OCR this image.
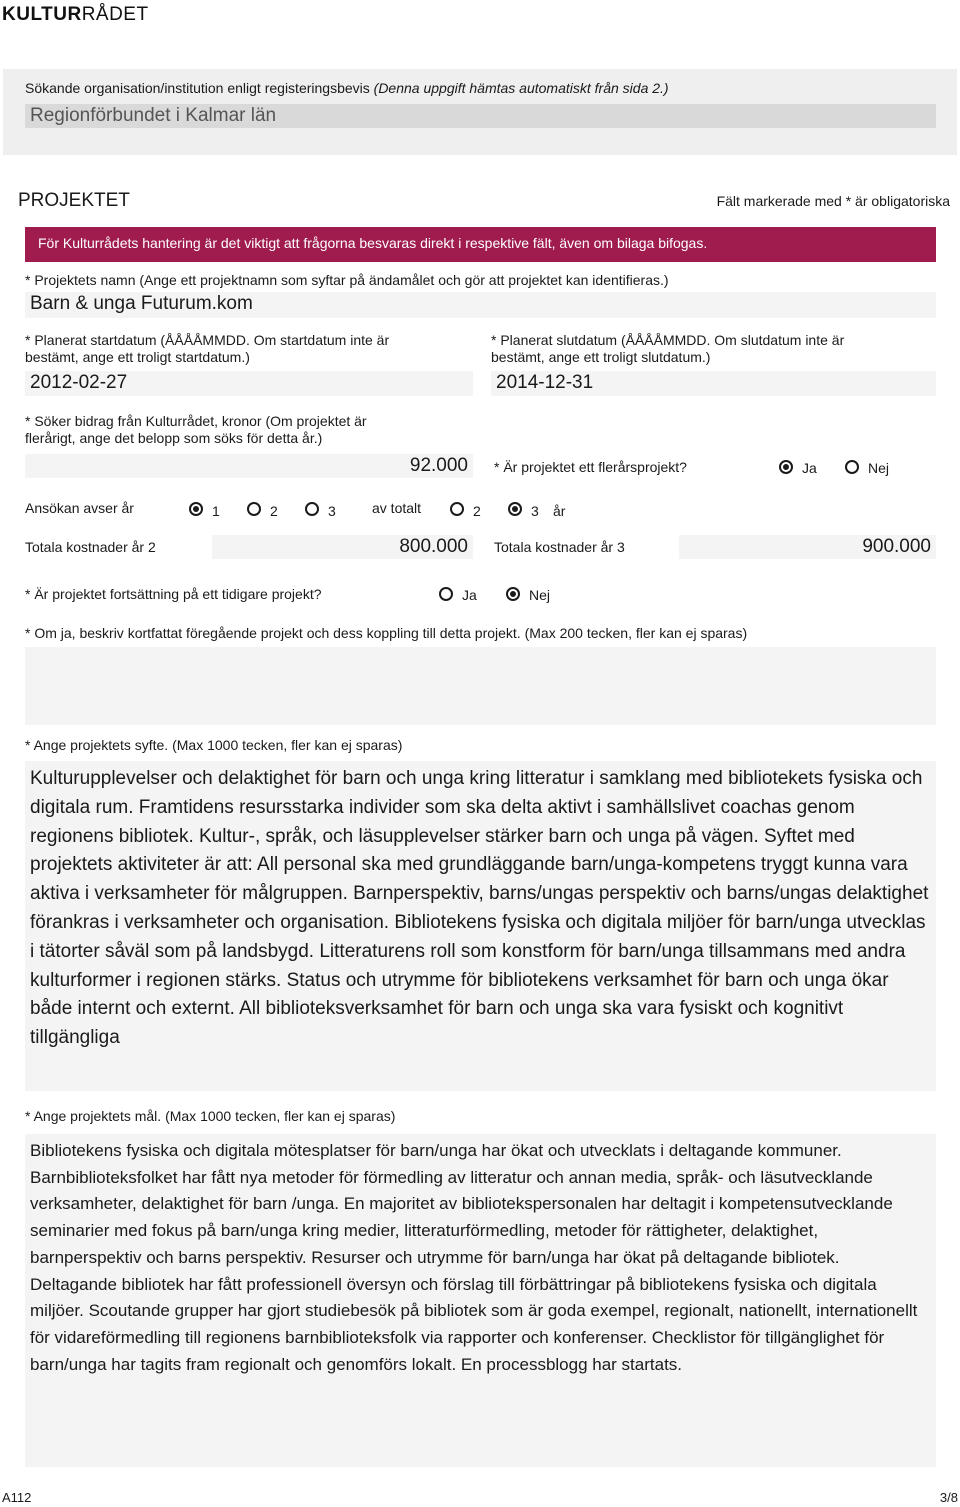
KULTURRÅDET
Sökande organisation/institution enligt registeringsbevis (Denna uppgift hämtas automatiskt från sida 2.)
Regionförbundet i Kalmar län
PROJEKTET	Fält markerade med * är obligatoriska
För Kulturrådets hantering är det viktigt att frågorna besvaras direkt i respektive fält, även om bilaga bifogas.
* Projektets namn (Ange ett projektnamn som syftar på ändamålet och gör att projektet kan identifieras.)
Barn & unga Futurum.kom
* Planerat startdatum (ÅÅÅÅMMDD. Om startdatum inte är
bestämt, ange ett troligt startdatum.)
2012-02-27
* Planerat slutdatum (ÅÅÅÅMMDD. Om slutdatum inte är
bestämt, ange ett troligt slutdatum.)
2014-12-31
* Söker bidrag från Kulturrådet, kronor (Om projektet är
flerårigt, ange det belopp som söks för detta år.)
92.000	* Är projektet ett flerårsprojekt?	Ja	Nej
Ansökan avser år	1	2	3	av totalt	2	3 år
Totala kostnader år 2	800.000	Totala kostnader år 3	900.000
* Är projektet fortsättning på ett tidigare projekt?	Ja	Nej
* Om ja, beskriv kortfattat föregående projekt och dess koppling till detta projekt. (Max 200 tecken, fler kan ej sparas)
* Ange projektets syfte. (Max 1000 tecken, fler kan ej sparas)
Kulturupplevelser och delaktighet för barn och unga kring litteratur i samklang med bibliotekets fysiska och digitala rum. Framtidens resursstarka individer som ska delta aktivt i samhällslivet coachas genom regionens bibliotek. Kultur-, språk, och läsupplevelser stärker barn och unga på vägen. Syftet med projektets aktiviteter är att: All personal ska med grundläggande barn/unga-kompetens tryggt kunna vara aktiva i verksamheter för målgruppen. Barnperspektiv, barns/ungas perspektiv och barns/ungas delaktighet förankras i verksamheter och organisation. Bibliotekens fysiska och digitala miljöer för barn/unga utvecklas i tätorter såväl som på landsbygd. Litteraturens roll som konstform för barn/unga tillsammans med andra kulturformer i regionen stärks. Status och utrymme för bibliotekens verksamhet för barn och unga ökar både internt och externt. All biblioteksverksamhet för barn och unga ska vara fysiskt och kognitivt tillgängliga
* Ange projektets mål. (Max 1000 tecken, fler kan ej sparas)
Bibliotekens fysiska och digitala mötesplatser för barn/unga har ökat och utvecklats i deltagande kommuner. Barnbiblioteksfolket har fått nya metoder för förmedling av litteratur och annan media, språk- och läsutvecklande verksamheter, delaktighet för barn /unga. En majoritet av bibliotekspersonalen har deltagit i kompetensutvecklande seminarier med fokus på barn/unga kring medier, litteraturförmedling, metoder för rättigheter, delaktighet, barnperspektiv och barns perspektiv. Resurser och utrymme för barn/unga har ökat på deltagande bibliotek. Deltagande bibliotek har fått professionell översyn och förslag till förbättringar på bibliotekens fysiska och digitala miljöer. Scoutande grupper har gjort studiebesök på bibliotek som är goda exempel, regionalt, nationellt, internationellt för vidareförmedling till regionens barnbiblioteksfolk via rapporter och konferenser. Checklistor för tillgänglighet för barn/unga har tagits fram regionalt och genomförs lokalt. En processblogg har startats.
A112	3/8
